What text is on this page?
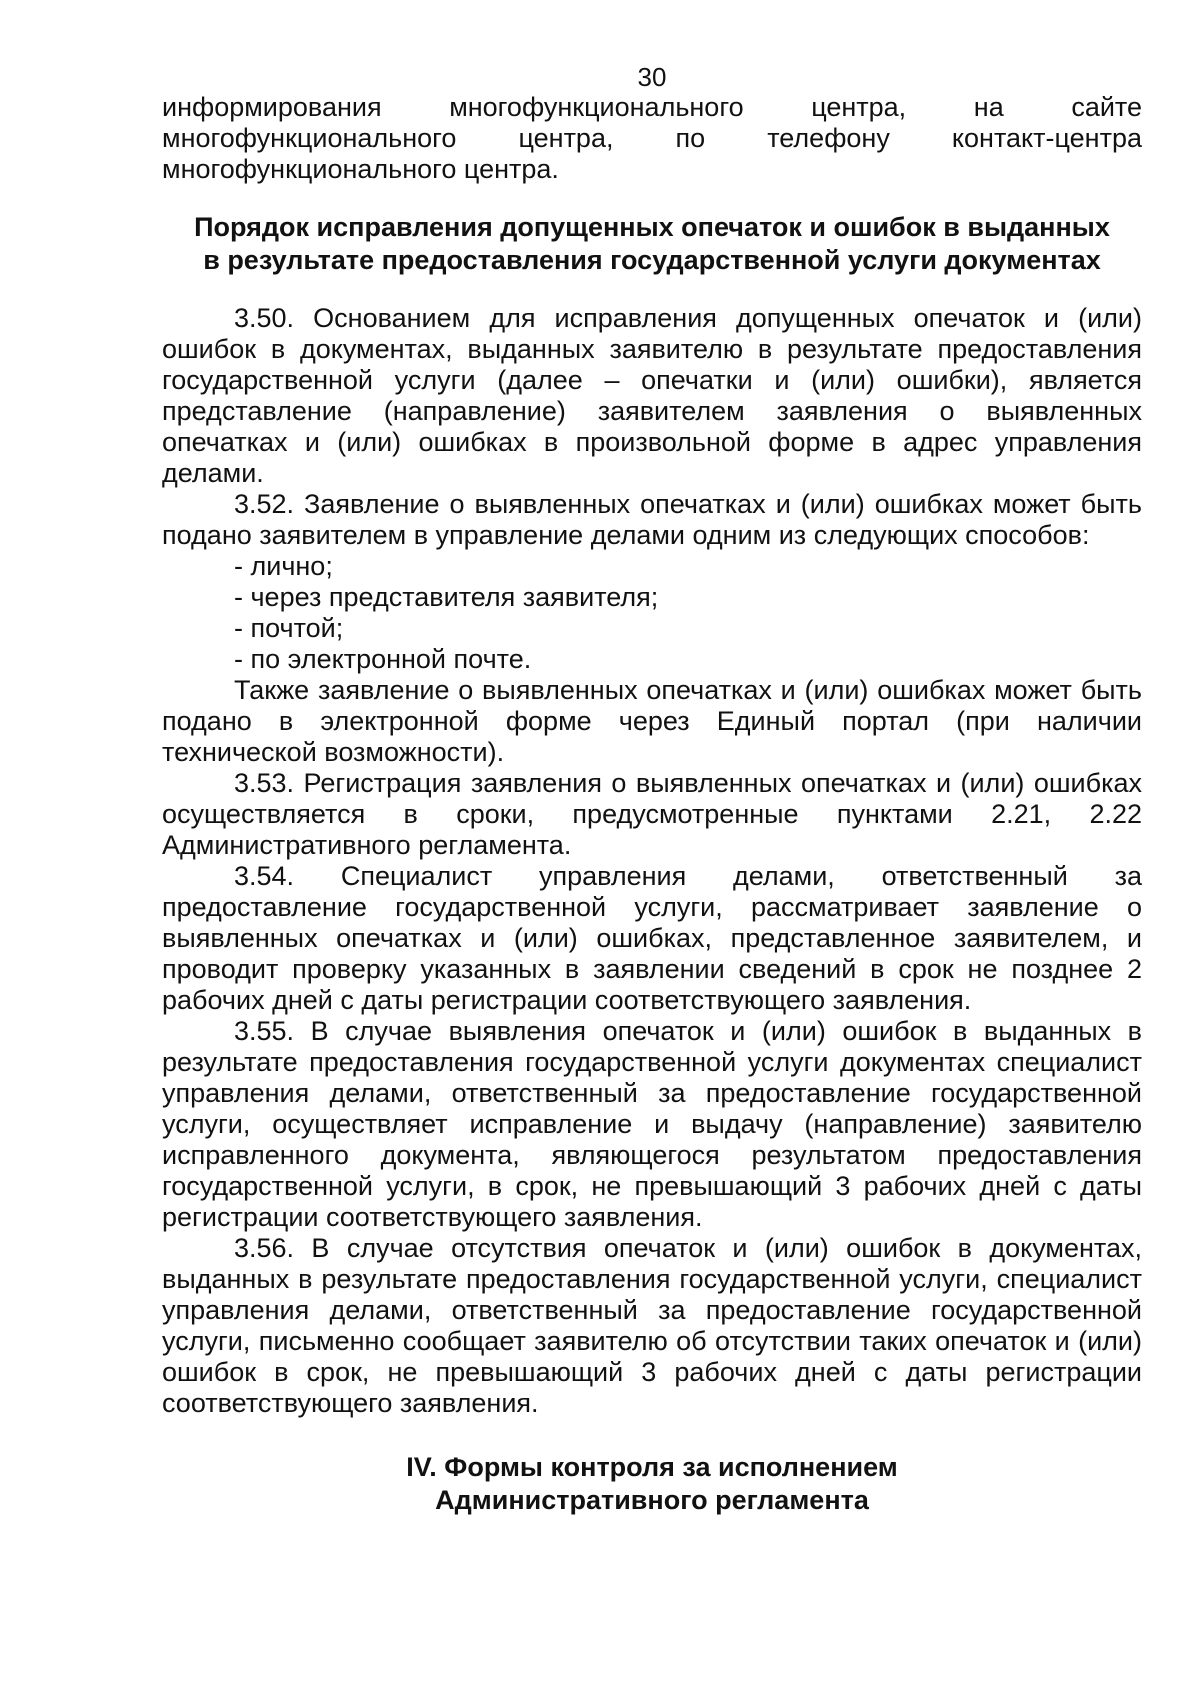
30

информирования многофункционального центра, на сайте многофункционального центра, по телефону контакт-центра многофункционального центра.

Порядок исправления допущенных опечаток и ошибок в выданных
в результате предоставления государственной услуги документах

3.50. Основанием для исправления допущенных опечаток и (или) ошибок в документах, выданных заявителю в результате предоставления государственной услуги (далее – опечатки и (или) ошибки), является представление (направление) заявителем заявления о выявленных опечатках и (или) ошибках в произвольной форме в адрес управления делами.

3.52. Заявление о выявленных опечатках и (или) ошибках может быть подано заявителем в управление делами одним из следующих способов:

- лично;

- через представителя заявителя;

- почтой;

- по электронной почте.

Также заявление о выявленных опечатках и (или) ошибках может быть подано в электронной форме через Единый портал (при наличии технической возможности).

3.53. Регистрация заявления о выявленных опечатках и (или) ошибках осуществляется в сроки, предусмотренные пунктами 2.21, 2.22 Административного регламента.

3.54. Специалист управления делами, ответственный за предоставление государственной услуги, рассматривает заявление о выявленных опечатках и (или) ошибках, представленное заявителем, и проводит проверку указанных в заявлении сведений в срок не позднее 2 рабочих дней с даты регистрации соответствующего заявления.

3.55. В случае выявления опечаток и (или) ошибок в выданных в результате предоставления государственной услуги документах специалист управления делами, ответственный за предоставление государственной услуги, осуществляет исправление и выдачу (направление) заявителю исправленного документа, являющегося результатом предоставления государственной услуги, в срок, не превышающий 3 рабочих дней с даты регистрации соответствующего заявления.

3.56. В случае отсутствия опечаток и (или) ошибок в документах, выданных в результате предоставления государственной услуги, специалист управления делами, ответственный за предоставление государственной услуги, письменно сообщает заявителю об отсутствии таких опечаток и (или) ошибок в срок, не превышающий 3 рабочих дней с даты регистрации соответствующего заявления.

IV. Формы контроля за исполнением
Административного регламента
